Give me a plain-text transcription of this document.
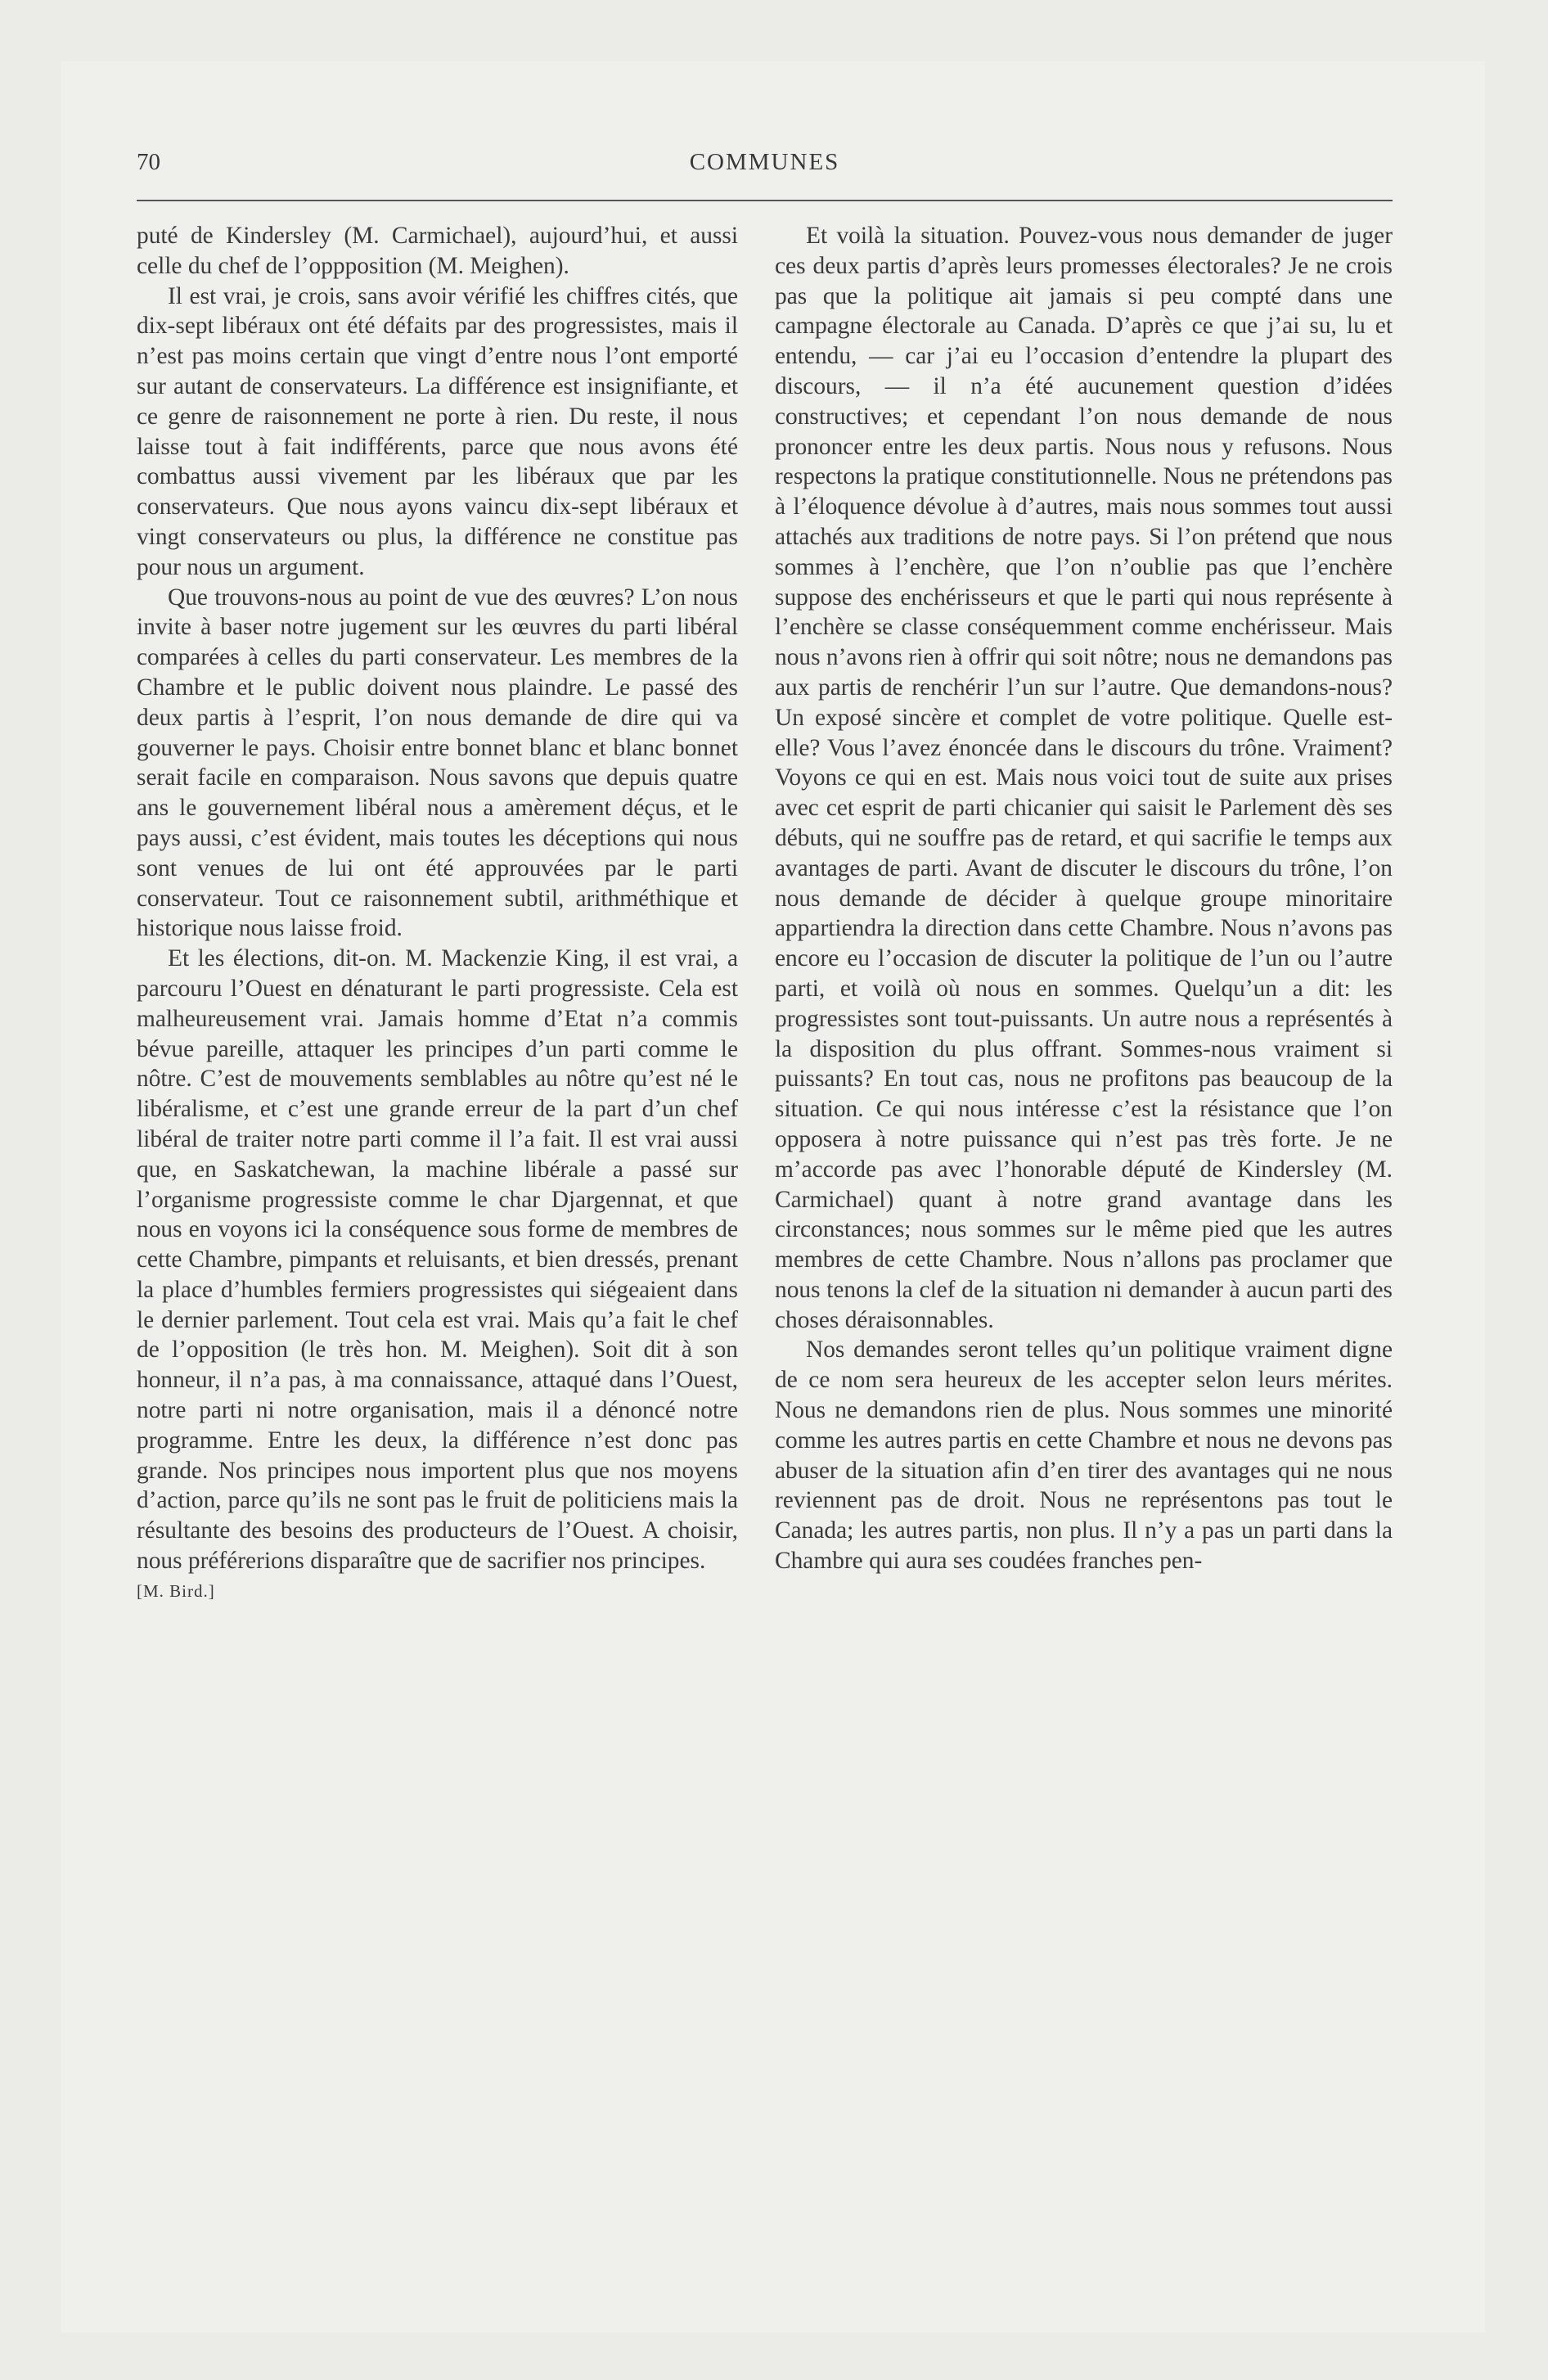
70	COMMUNES

puté de Kindersley (M. Carmichael), aujourd’hui, et aussi celle du chef de l’oppposition (M. Meighen).

Il est vrai, je crois, sans avoir vérifié les chiffres cités, que dix-sept libéraux ont été défaits par des progressistes, mais il n’est pas moins certain que vingt d’entre nous l’ont emporté sur autant de conservateurs. La différence est insignifiante, et ce genre de raisonnement ne porte à rien. Du reste, il nous laisse tout à fait indifférents, parce que nous avons été combattus aussi vivement par les libéraux que par les conservateurs. Que nous ayons vaincu dix-sept libéraux et vingt conservateurs ou plus, la différence ne constitue pas pour nous un argument.

Que trouvons-nous au point de vue des œuvres? L’on nous invite à baser notre jugement sur les œuvres du parti libéral comparées à celles du parti conservateur. Les membres de la Chambre et le public doivent nous plaindre. Le passé des deux partis à l’esprit, l’on nous demande de dire qui va gouverner le pays. Choisir entre bonnet blanc et blanc bonnet serait facile en comparaison. Nous savons que depuis quatre ans le gouvernement libéral nous a amèrement déçus, et le pays aussi, c’est évident, mais toutes les déceptions qui nous sont venues de lui ont été approuvées par le parti conservateur. Tout ce raisonnement subtil, arithméthique et historique nous laisse froid.

Et les élections, dit-on. M. Mackenzie King, il est vrai, a parcouru l’Ouest en dénaturant le parti progressiste. Cela est malheureusement vrai. Jamais homme d’Etat n’a commis bévue pareille, attaquer les principes d’un parti comme le nôtre. C’est de mouvements semblables au nôtre qu’est né le libéralisme, et c’est une grande erreur de la part d’un chef libéral de traiter notre parti comme il l’a fait. Il est vrai aussi que, en Saskatchewan, la machine libérale a passé sur l’organisme progressiste comme le char Djargennat, et que nous en voyons ici la conséquence sous forme de membres de cette Chambre, pimpants et reluisants, et bien dressés, prenant la place d’humbles fermiers progressistes qui siégeaient dans le dernier parlement. Tout cela est vrai. Mais qu’a fait le chef de l’opposition (le très hon. M. Meighen). Soit dit à son honneur, il n’a pas, à ma connaissance, attaqué dans l’Ouest, notre parti ni notre organisation, mais il a dénoncé notre programme. Entre les deux, la différence n’est donc pas grande. Nos principes nous importent plus que nos moyens d’action, parce qu’ils ne sont pas le fruit de politiciens mais la résultante des besoins des producteurs de l’Ouest. A choisir, nous préférerions disparaître que de sacrifier nos principes.

[M. Bird.]

Et voilà la situation. Pouvez-vous nous demander de juger ces deux partis d’après leurs promesses électorales? Je ne crois pas que la politique ait jamais si peu compté dans une campagne électorale au Canada. D’après ce que j’ai su, lu et entendu, — car j’ai eu l’occasion d’entendre la plupart des discours, — il n’a été aucunement question d’idées constructives; et cependant l’on nous demande de nous prononcer entre les deux partis. Nous nous y refusons. Nous respectons la pratique constitutionnelle. Nous ne prétendons pas à l’éloquence dévolue à d’autres, mais nous sommes tout aussi attachés aux traditions de notre pays. Si l’on prétend que nous sommes à l’enchère, que l’on n’oublie pas que l’enchère suppose des enchérisseurs et que le parti qui nous représente à l’enchère se classe conséquemment comme enchérisseur. Mais nous n’avons rien à offrir qui soit nôtre; nous ne demandons pas aux partis de renchérir l’un sur l’autre. Que demandons-nous? Un exposé sincère et complet de votre politique. Quelle est-elle? Vous l’avez énoncée dans le discours du trône. Vraiment? Voyons ce qui en est. Mais nous voici tout de suite aux prises avec cet esprit de parti chicanier qui saisit le Parlement dès ses débuts, qui ne souffre pas de retard, et qui sacrifie le temps aux avantages de parti. Avant de discuter le discours du trône, l’on nous demande de décider à quelque groupe minoritaire appartiendra la direction dans cette Chambre. Nous n’avons pas encore eu l’occasion de discuter la politique de l’un ou l’autre parti, et voilà où nous en sommes. Quelqu’un a dit: les progressistes sont tout-puissants. Un autre nous a représentés à la disposition du plus offrant. Sommes-nous vraiment si puissants? En tout cas, nous ne profitons pas beaucoup de la situation. Ce qui nous intéresse c’est la résistance que l’on opposera à notre puissance qui n’est pas très forte. Je ne m’accorde pas avec l’honorable député de Kindersley (M. Carmichael) quant à notre grand avantage dans les circonstances; nous sommes sur le même pied que les autres membres de cette Chambre. Nous n’allons pas proclamer que nous tenons la clef de la situation ni demander à aucun parti des choses déraisonnables.

Nos demandes seront telles qu’un politique vraiment digne de ce nom sera heureux de les accepter selon leurs mérites. Nous ne demandons rien de plus. Nous sommes une minorité comme les autres partis en cette Chambre et nous ne devons pas abuser de la situation afin d’en tirer des avantages qui ne nous reviennent pas de droit. Nous ne représentons pas tout le Canada; les autres partis, non plus. Il n’y a pas un parti dans la Chambre qui aura ses coudées franches pen-
